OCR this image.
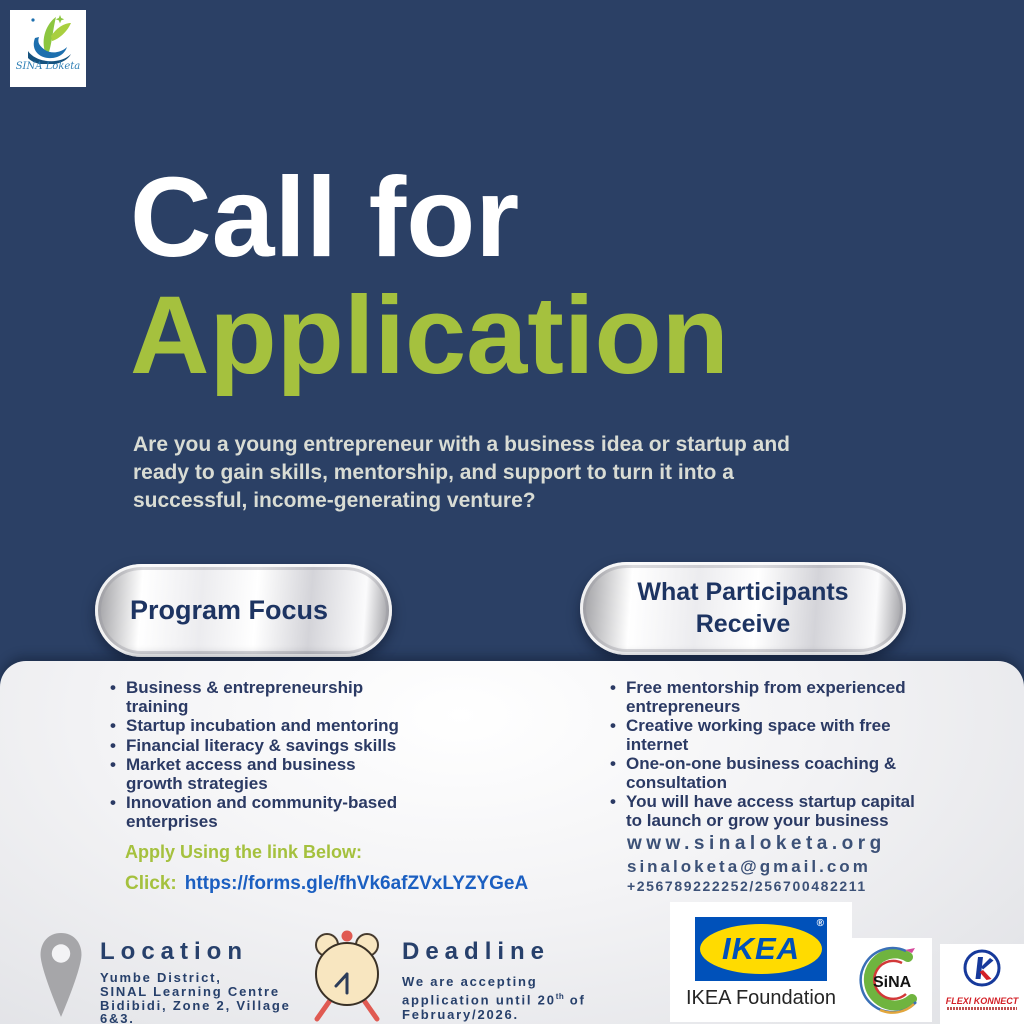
SINA Loketa
Call for
Application
Are you a young entrepreneur with a business idea or startup and
ready to gain skills, mentorship, and support to turn it into a
successful, income-generating venture?
Program Focus
What Participants Receive
• Business & entrepreneurship
training
• Startup incubation and mentoring
• Financial literacy & savings skills
• Market access and business
growth strategies
• Innovation and community-based
enterprises
• Free mentorship from experienced
entrepreneurs
• Creative working space with free
internet
• One-on-one business coaching &
consultation
• You will have access startup capital
to launch or grow your business
Apply Using the link Below:
Click: https://forms.gle/fhVk6afZVxLYZYGeA
www.sinaloketa.org
sinaloketa@gmail.com
+256789222252/256700482211
Location
Yumbe District,
SINAL Learning Centre
Bidibidi, Zone 2, Village
6&3.
Deadline
We are accepting
application until 20th of
February/2026.
IKEA
®
IKEA Foundation
SiNA
FLEXI KONNECT
